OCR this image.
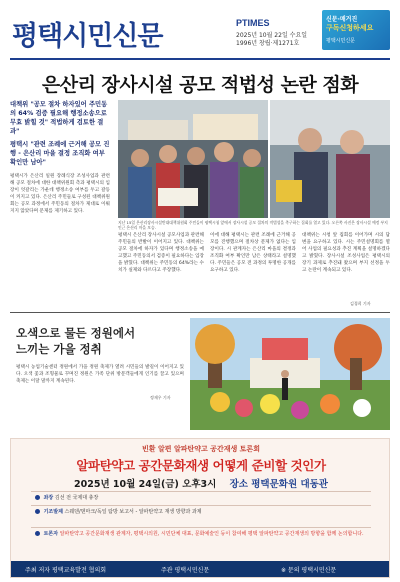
평택시민신문	PTIMES
2025년 10월 22일 수요일
1996년 창립·제1271호
신문·매거진
구독신청하세요
평택시민신문
은산리 장사시설 공모 적법성 논란 점화

대책위 "공모 절차 하자있어 주민동의 64% 검증 필요해 행정소송으로 무효 밝힐 것" 적법하게 검토한 결과"

평택시 "관련 조례에 근거해 공모 진행 - 은산리 마을 결정 조직화 여부 확인만 남아"

평택시가 은산리 일원 장례식장 조성사업과 관련해 공모 절차에 대한 대책위원회 측과 평택시의 입장이 엇갈리는 가운데 행정소송 여부를 두고 갈등이 커지고 있다. 은산리 주민들로 구성된 대책위원회는 공모 과정에서 주민동의 절차가 제대로 이뤄지지 않았다며 문제를 제기하고 있다.
지난 15일 은산리장사시설반대대책위원회 주민들이 평택시청 앞에서 장사시설 공모 절차의 적법성을 촉구하는 집회를 열고 있다. 오른쪽 사진은 장사시설 예정 부지 인근 은산리 마을 모습.
평택시 은산리 장사시설 공모사업과 관련해 주민들의 반발이 이어지고 있다. 대책위는 공모 절차에 하자가 있다며 행정소송을 예고했고 주민동의서 검증이 필요하다는 입장을 밝혔다. 대책위는 주민동의 64%라는 수치가 실제와 다르다고 주장했다.
이에 대해 평택시는 관련 조례에 근거해 공모를 진행했으며 절차상 문제가 없다는 입장이다. 시 관계자는 은산리 마을의 결정과 조직화 여부 확인만 남은 상태라고 설명했다. 주민들은 공모 전 과정의 투명한 공개를 요구하고 있다.
대책위는 시청 앞 집회를 이어가며 시의 답변을 요구하고 있다. 시는 주민설명회를 열어 사업의 필요성과 추진 계획을 설명하겠다고 밝혔다. 장사시설 조성사업은 평택시의 장기 과제로 추진돼 왔으며 부지 선정을 두고 논란이 계속되고 있다.
김경희 기자
오색으로 물든 정원에서
느끼는 가을 정취
평택시 농업기술센터 정원에서 가을 정원 축제가 열려 시민들의 발길이 이어지고 있다. 오색 꽃과 조형물로 꾸며진 정원은 가족 단위 방문객들에게 인기를 끌고 있으며 축제는 이달 말까지 계속된다.
정재우 기자
빈환 알편 알파탄약고 공간재생 토론회
알파탄약고 공간문화재생 어떻게 준비할 것인가
2025년 10월 24일(금) 오후3시 장소 평택문화원 대동관
좌장 김선 전 국제대 총장
기조발제 스웨덴/덴마크/독일 탐방 보고서 - 알파탄약고 재생 방향과 과제
토론자 알파탄약고 공간문화재생 관계자, 평택시의원, 시민단체 대표, 문화예술인 등이 참여해 평택 알파탄약고 공간재생의 방향을 함께 논의합니다.
주최 저자 평택교육발전 협의회	주관 평택시민신문	※ 문의 평택시민신문
